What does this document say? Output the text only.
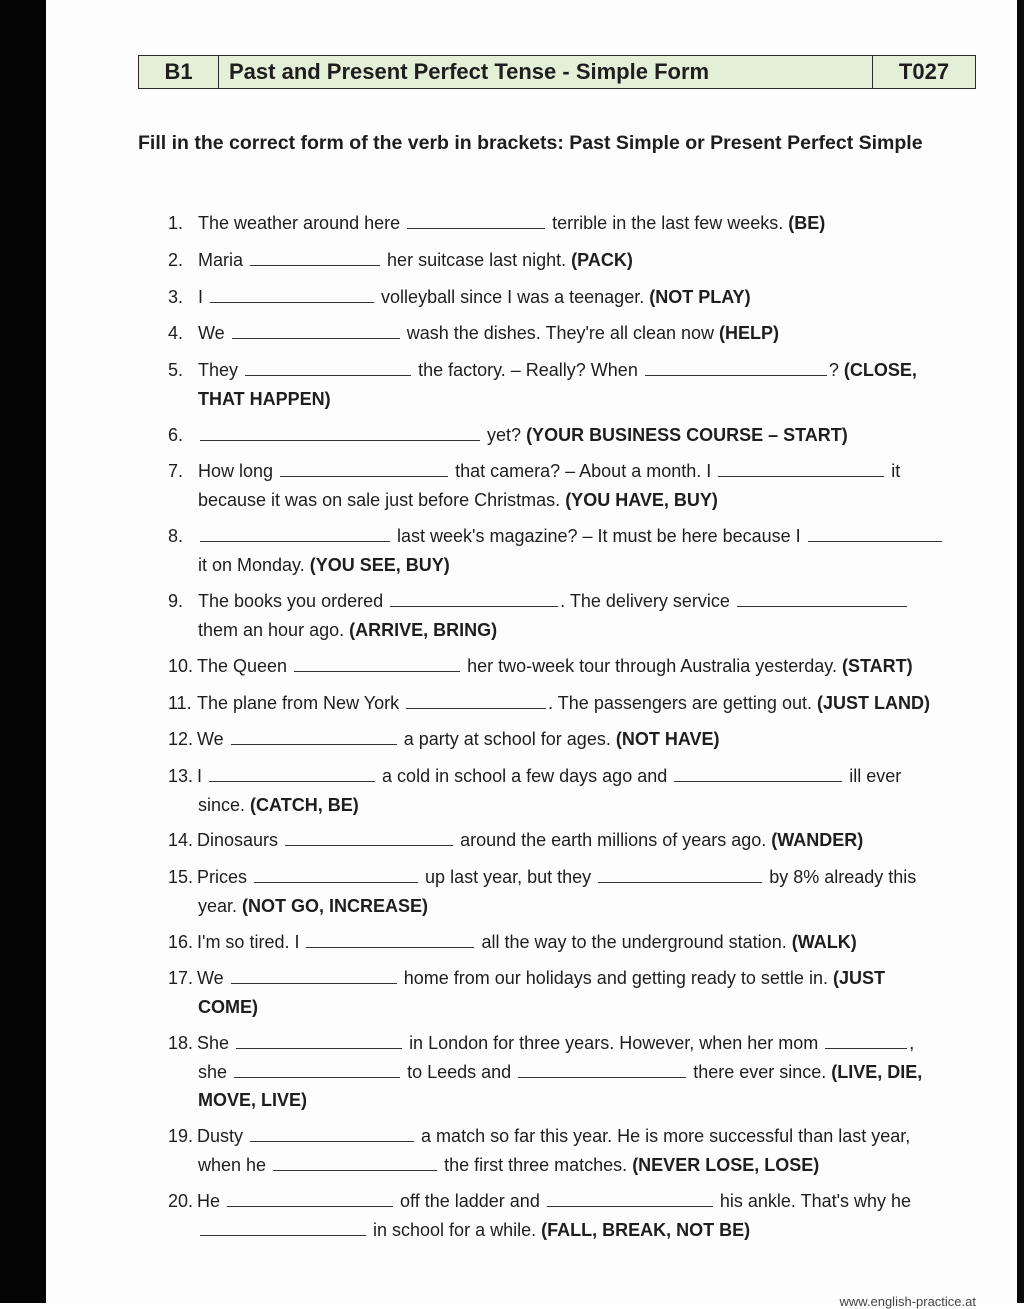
B1	Past and Present Perfect Tense - Simple Form	T027
Fill in the correct form of the verb in brackets: Past Simple or Present Perfect Simple
1. The weather around here	terrible in the last few weeks. (BE)
2. Maria	her suitcase last night. (PACK)
3. I	volleyball since I was a teenager. (NOT PLAY)
4. We	wash the dishes. They're all clean now (HELP)
5. They	the factory. – Really? When	? (CLOSE,
THAT HAPPEN)
6.	yet? (YOUR BUSINESS COURSE – START)
7. How long	that camera? – About a month. I	it
because it was on sale just before Christmas. (YOU HAVE, BUY)
8.	last week's magazine? – It must be here because I
it on Monday. (YOU SEE, BUY)
9. The books you ordered	. The delivery service
them an hour ago. (ARRIVE, BRING)
10. The Queen	her two-week tour through Australia yesterday. (START)
11. The plane from New York	. The passengers are getting out. (JUST LAND)
12. We	a party at school for ages. (NOT HAVE)
13. I	a cold in school a few days ago and	ill ever
since. (CATCH, BE)
14. Dinosaurs	around the earth millions of years ago. (WANDER)
15. Prices	up last year, but they	by 8% already this
year. (NOT GO, INCREASE)
16. I'm so tired. I	all the way to the underground station. (WALK)
17. We	home from our holidays and getting ready to settle in. (JUST
COME)
18. She	in London for three years. However, when her mom	,
she	to Leeds and	there ever since. (LIVE, DIE,
MOVE, LIVE)
19. Dusty	a match so far this year. He is more successful than last year,
when he	the first three matches. (NEVER LOSE, LOSE)
20. He	off the ladder and	his ankle. That's why he
in school for a while. (FALL, BREAK, NOT BE)
www.english-practice.at
